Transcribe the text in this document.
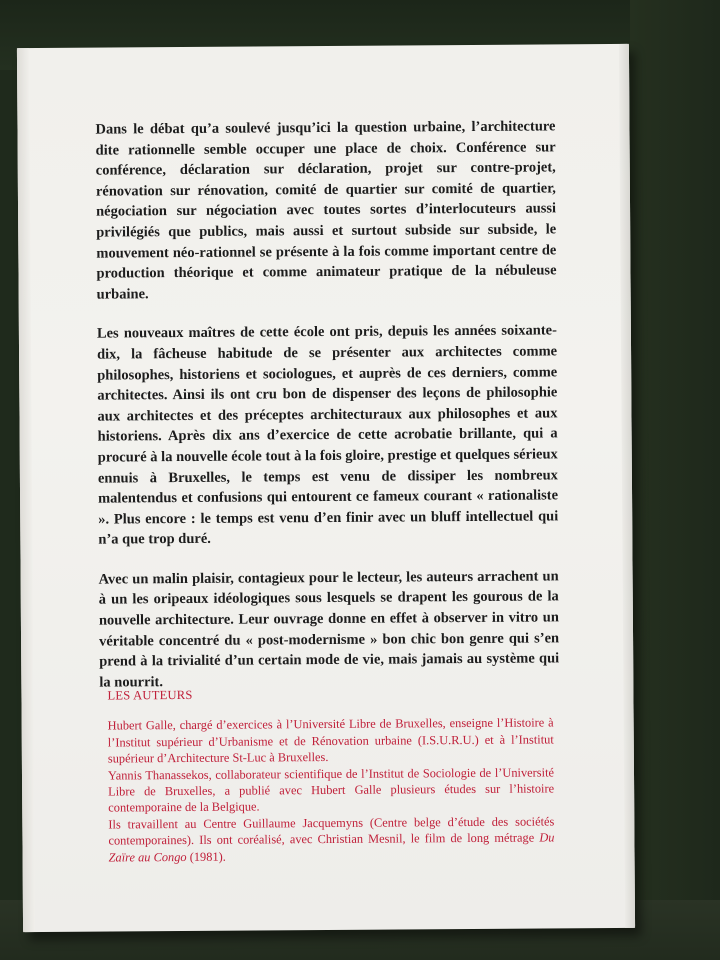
Dans le débat qu’a soulevé jusqu’ici la question urbaine, l’architecture dite rationnelle semble occuper une place de choix. Conférence sur conférence, déclaration sur déclaration, projet sur contre-projet, rénovation sur rénovation, comité de quartier sur comité de quartier, négociation sur négociation avec toutes sortes d’interlocuteurs aussi privilégiés que publics, mais aussi et surtout subside sur subside, le mouvement néo-rationnel se présente à la fois comme important centre de production théorique et comme animateur pratique de la nébuleuse urbaine.

Les nouveaux maîtres de cette école ont pris, depuis les années soixante-dix, la fâcheuse habitude de se présenter aux architectes comme philosophes, historiens et sociologues, et auprès de ces derniers, comme architectes. Ainsi ils ont cru bon de dispenser des leçons de philosophie aux architectes et des préceptes architecturaux aux philosophes et aux historiens. Après dix ans d’exercice de cette acrobatie brillante, qui a procuré à la nouvelle école tout à la fois gloire, prestige et quelques sérieux ennuis à Bruxelles, le temps est venu de dissiper les nombreux malentendus et confusions qui entourent ce fameux courant « rationaliste ». Plus encore : le temps est venu d’en finir avec un bluff intellectuel qui n’a que trop duré.

Avec un malin plaisir, contagieux pour le lecteur, les auteurs arrachent un à un les oripeaux idéologiques sous lesquels se drapent les gourous de la nouvelle architecture. Leur ouvrage donne en effet à observer in vitro un véritable concentré du « post-modernisme » bon chic bon genre qui s’en prend à la trivialité d’un certain mode de vie, mais jamais au système qui la nourrit.

LES AUTEURS

Hubert Galle, chargé d’exercices à l’Université Libre de Bruxelles, enseigne l’Histoire à l’Institut supérieur d’Urbanisme et de Rénovation urbaine (I.S.U.R.U.) et à l’Institut supérieur d’Architecture St-Luc à Bruxelles.

Yannis Thanassekos, collaborateur scientifique de l’Institut de Sociologie de l’Université Libre de Bruxelles, a publié avec Hubert Galle plusieurs études sur l’histoire contemporaine de la Belgique.

Ils travaillent au Centre Guillaume Jacquemyns (Centre belge d’étude des sociétés contemporaines). Ils ont coréalisé, avec Christian Mesnil, le film de long métrage Du Zaïre au Congo (1981).
